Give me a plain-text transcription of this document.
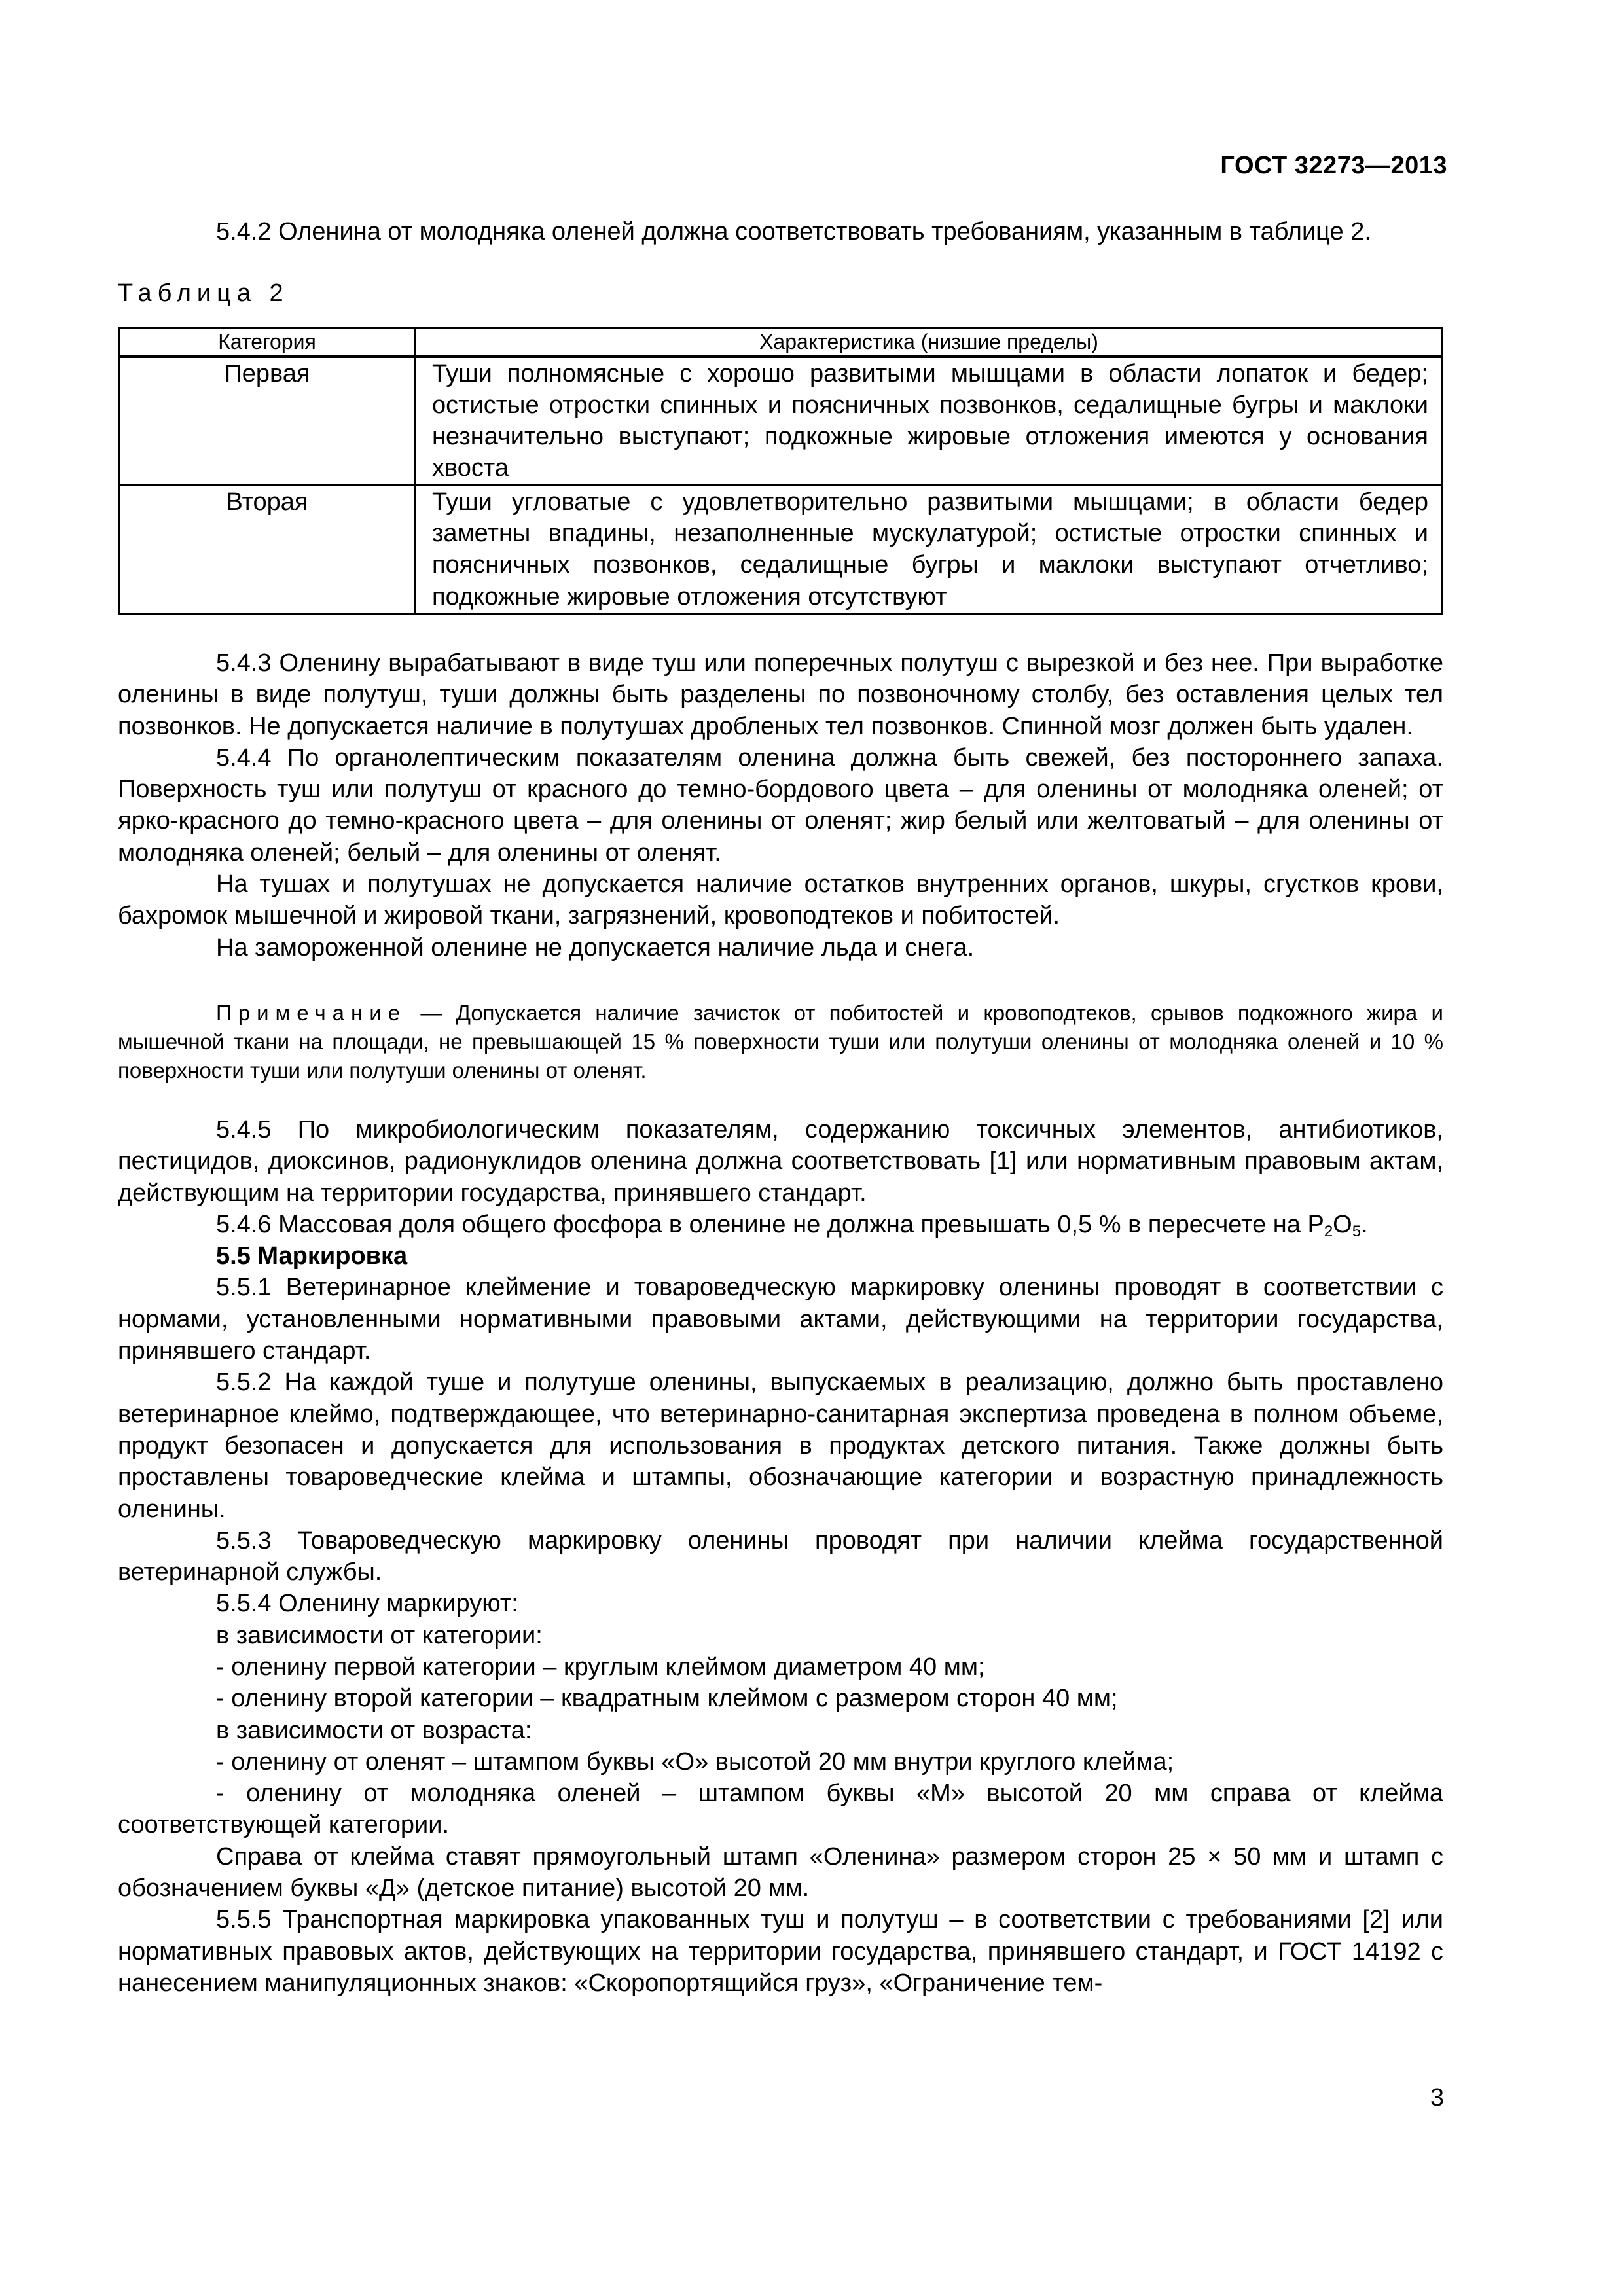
ГОСТ 32273—2013

5.4.2 Оленина от молодняка оленей должна соответствовать требованиям, указанным в таблице 2.

Таблица 2

Категория	Характеристика (низшие пределы)
Первая	Туши полномясные с хорошо развитыми мышцами в области лопаток и бедер; остистые отростки спинных и поясничных позвонков, седалищные бугры и маклоки незначительно выступают; подкожные жировые отложения имеются у основания хвоста
Вторая	Туши угловатые с удовлетворительно развитыми мышцами; в области бедер заметны впадины, незаполненные мускулатурой; остистые отростки спинных и поясничных позвонков, седалищные бугры и маклоки выступают отчетливо; подкожные жировые отложения отсутствуют

5.4.3 Оленину вырабатывают в виде туш или поперечных полутуш с вырезкой и без нее. При выработке оленины в виде полутуш, туши должны быть разделены по позвоночному столбу, без оставления целых тел позвонков. Не допускается наличие в полутушах дробленых тел позвонков. Спинной мозг должен быть удален.

5.4.4 По органолептическим показателям оленина должна быть свежей, без постороннего запаха. Поверхность туш или полутуш от красного до темно-бордового цвета – для оленины от молодняка оленей; от ярко-красного до темно-красного цвета – для оленины от оленят; жир белый или желтоватый – для оленины от молодняка оленей; белый – для оленины от оленят.

На тушах и полутушах не допускается наличие остатков внутренних органов, шкуры, сгустков крови, бахромок мышечной и жировой ткани, загрязнений, кровоподтеков и побитостей.

На замороженной оленине не допускается наличие льда и снега.

Примечание — Допускается наличие зачисток от побитостей и кровоподтеков, срывов подкожного жира и мышечной ткани на площади, не превышающей 15 % поверхности туши или полутуши оленины от молодняка оленей и 10 % поверхности туши или полутуши оленины от оленят.

5.4.5 По микробиологическим показателям, содержанию токсичных элементов, антибиотиков, пестицидов, диоксинов, радионуклидов оленина должна соответствовать [1] или нормативным правовым актам, действующим на территории государства, принявшего стандарт.

5.4.6 Массовая доля общего фосфора в оленине не должна превышать 0,5 % в пересчете на $P_2O_5$.

5.5 Маркировка

5.5.1 Ветеринарное клеймение и товароведческую маркировку оленины проводят в соответствии с нормами, установленными нормативными правовыми актами, действующими на территории государства, принявшего стандарт.

5.5.2 На каждой туше и полутуше оленины, выпускаемых в реализацию, должно быть проставлено ветеринарное клеймо, подтверждающее, что ветеринарно-санитарная экспертиза проведена в полном объеме, продукт безопасен и допускается для использования в продуктах детского питания. Также должны быть проставлены товароведческие клейма и штампы, обозначающие категории и возрастную принадлежность оленины.

5.5.3 Товароведческую маркировку оленины проводят при наличии клейма государственной ветеринарной службы.

5.5.4 Оленину маркируют:

в зависимости от категории:

- оленину первой категории – круглым клеймом диаметром 40 мм;

- оленину второй категории – квадратным клеймом с размером сторон 40 мм;

в зависимости от возраста:

- оленину от оленят – штампом буквы «О» высотой 20 мм внутри круглого клейма;

- оленину от молодняка оленей – штампом буквы «М» высотой 20 мм справа от клейма соответствующей категории.

Справа от клейма ставят прямоугольный штамп «Оленина» размером сторон 25 × 50 мм и штамп с обозначением буквы «Д» (детское питание) высотой 20 мм.

5.5.5 Транспортная маркировка упакованных туш и полутуш – в соответствии с требованиями [2] или нормативных правовых актов, действующих на территории государства, принявшего стандарт, и ГОСТ 14192 с нанесением манипуляционных знаков: «Скоропортящийся груз», «Ограничение тем-

3
